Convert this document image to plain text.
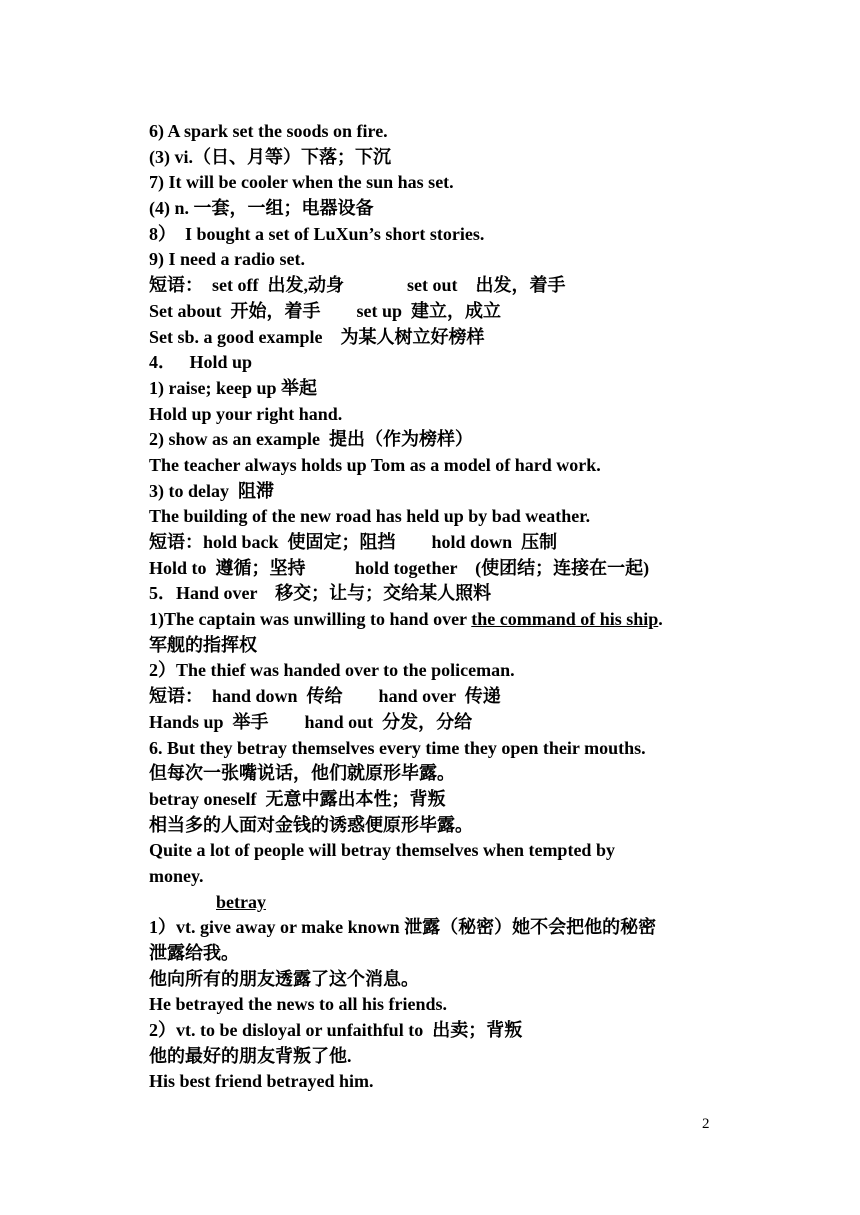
6) A spark set the soods on fire.
(3) vi.（日、月等）下落；下沉
7) It will be cooler when the sun has set.
(4) n. 一套，一组；电器设备
8）  I bought a set of LuXun’s short stories.
9) I need a radio set.
短语：  set off  出发,动身              set out    出发，着手
Set about  开始，着手        set up  建立，成立
Set sb. a good example    为某人树立好榜样
4．   Hold up
1) raise; keep up 举起
Hold up your right hand.
2) show as an example  提出（作为榜样）
The teacher always holds up Tom as a model of hard work.
3) to delay  阻滞
The building of the new road has held up by bad weather.
短语：hold back  使固定；阻挡        hold down  压制
Hold to  遵循；坚持           hold together    (使团结；连接在一起)
5．Hand over    移交；让与；交给某人照料
1)The captain was unwilling to hand over the command of his ship.
军舰的指挥权
2）The thief was handed over to the policeman.
短语：  hand down  传给        hand over  传递
Hands up  举手        hand out  分发，分给
6. But they betray themselves every time they open their mouths.
但每次一张嘴说话，他们就原形毕露。
betray oneself  无意中露出本性；背叛
相当多的人面对金钱的诱惑便原形毕露。
Quite a lot of people will betray themselves when tempted by
money.
betray
1）vt. give away or make known 泄露（秘密）她不会把他的秘密
泄露给我。
他向所有的朋友透露了这个消息。
He betrayed the news to all his friends.
2）vt. to be disloyal or unfaithful to  出卖；背叛
他的最好的朋友背叛了他.
His best friend betrayed him.
2
